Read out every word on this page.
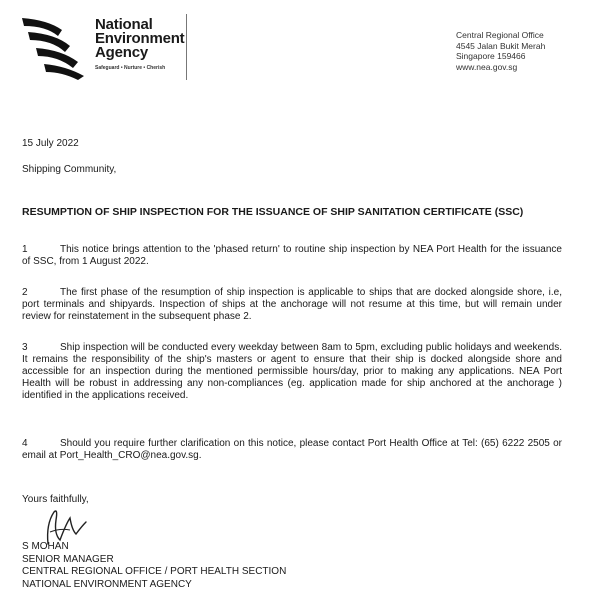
National
Environment
Agency
Safeguard • Nurture • Cherish
Central Regional Office
4545 Jalan Bukit Merah
Singapore 159466
www.nea.gov.sg
15 July 2022
Shipping Community,
RESUMPTION OF SHIP INSPECTION FOR THE ISSUANCE OF SHIP SANITATION CERTIFICATE (SSC)
1	This notice brings attention to the 'phased return' to routine ship inspection by NEA Port Health for the issuance of SSC, from 1 August 2022.
2	The first phase of the resumption of ship inspection is applicable to ships that are docked alongside shore, i.e, port terminals and shipyards. Inspection of ships at the anchorage will not resume at this time, but will remain under review for reinstatement in the subsequent phase 2.
3	Ship inspection will be conducted every weekday between 8am to 5pm, excluding public holidays and weekends. It remains the responsibility of the ship's masters or agent to ensure that their ship is docked alongside shore and accessible for an inspection during the mentioned permissible hours/day, prior to making any applications. NEA Port Health will be robust in addressing any non-compliances (eg. application made for ship anchored at the anchorage ) identified in the applications received.
4	Should you require further clarification on this notice, please contact Port Health Office at Tel: (65) 6222 2505 or email at Port_Health_CRO@nea.gov.sg.
Yours faithfully,
S MOHAN
SENIOR MANAGER
CENTRAL REGIONAL OFFICE / PORT HEALTH SECTION
NATIONAL ENVIRONMENT AGENCY
